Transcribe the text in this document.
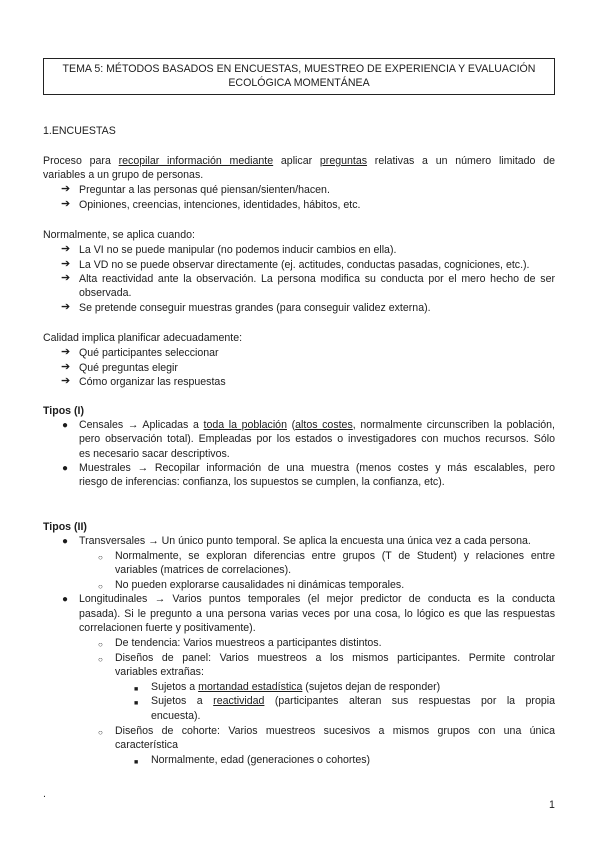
TEMA 5: MÉTODOS BASADOS EN ENCUESTAS, MUESTREO DE EXPERIENCIA Y EVALUACIÓN
ECOLÓGICA MOMENTÁNEA
1.ENCUESTAS
Proceso para recopilar información mediante aplicar preguntas relativas a un número limitado de
variables a un grupo de personas.
➔ Preguntar a las personas qué piensan/sienten/hacen.
➔ Opiniones, creencias, intenciones, identidades, hábitos, etc.
Normalmente, se aplica cuando:
➔ La VI no se puede manipular (no podemos inducir cambios en ella).
➔ La VD no se puede observar directamente (ej. actitudes, conductas pasadas, cogniciones, etc.).
➔ Alta reactividad ante la observación. La persona modifica su conducta por el mero hecho de ser
observada.
➔ Se pretende conseguir muestras grandes (para conseguir validez externa).
Calidad implica planificar adecuadamente:
➔ Qué participantes seleccionar
➔ Qué preguntas elegir
➔ Cómo organizar las respuestas
Tipos (I)
● Censales → Aplicadas a toda la población (altos costes, normalmente circunscriben la población,
pero observación total). Empleadas por los estados o investigadores con muchos recursos. Sólo
es necesario sacar descriptivos.
● Muestrales → Recopilar información de una muestra (menos costes y más escalables, pero
riesgo de inferencias: confianza, los supuestos se cumplen, la confianza, etc).
Tipos (II)
● Transversales → Un único punto temporal. Se aplica la encuesta una única vez a cada persona.
○ Normalmente, se exploran diferencias entre grupos (T de Student) y relaciones entre
variables (matrices de correlaciones).
○ No pueden explorarse causalidades ni dinámicas temporales.
● Longitudinales → Varios puntos temporales (el mejor predictor de conducta es la conducta
pasada). Si le pregunto a una persona varias veces por una cosa, lo lógico es que las respuestas
correlacionen fuerte y positivamente).
○ De tendencia: Varios muestreos a participantes distintos.
○ Diseños de panel: Varios muestreos a los mismos participantes. Permite controlar
variables extrañas:
■ Sujetos a mortandad estadística (sujetos dejan de responder)
■ Sujetos a reactividad (participantes alteran sus respuestas por la propia
encuesta).
○ Diseños de cohorte: Varios muestreos sucesivos a mismos grupos con una única
característica
■ Normalmente, edad (generaciones o cohortes)
.
1
